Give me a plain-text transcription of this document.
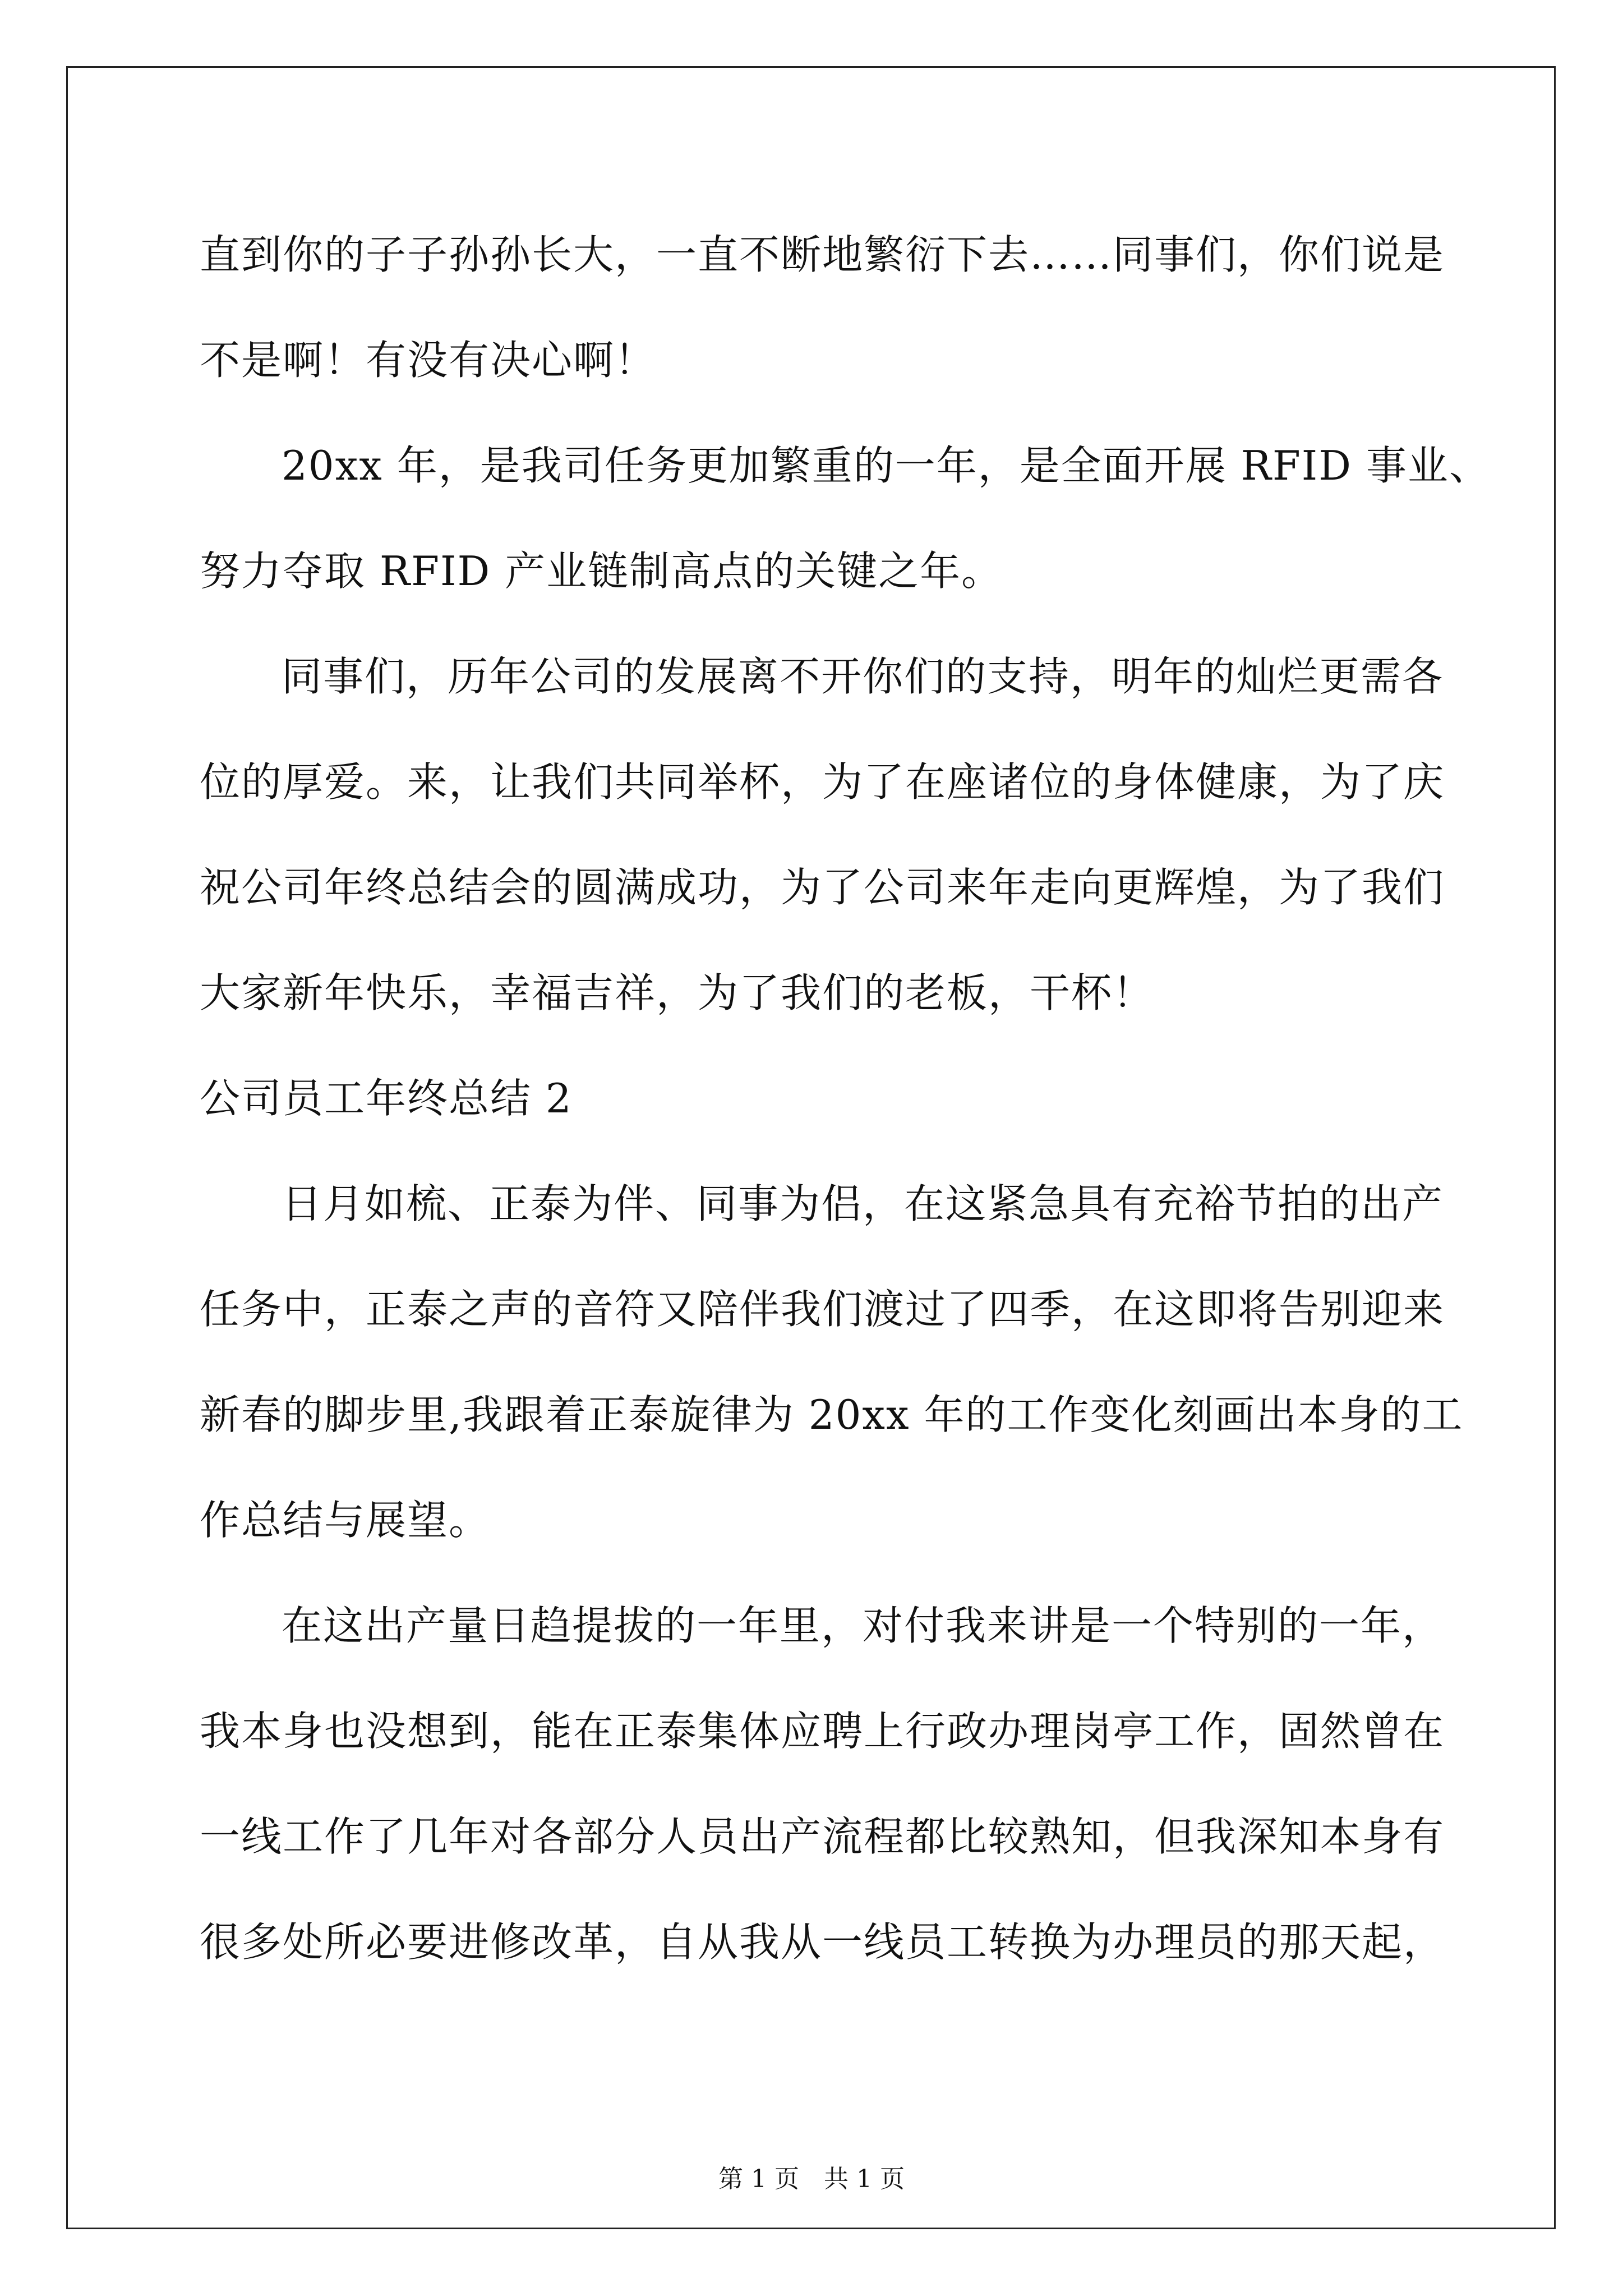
直到你的子子孙孙长大，一直不断地繁衍下去……同事们，你们说是
不是啊！有没有决心啊！
20xx 年，是我司任务更加繁重的一年，是全面开展 RFID 事业、
努力夺取 RFID 产业链制高点的关键之年。
同事们，历年公司的发展离不开你们的支持，明年的灿烂更需各
位的厚爱。来，让我们共同举杯，为了在座诸位的身体健康，为了庆
祝公司年终总结会的圆满成功，为了公司来年走向更辉煌，为了我们
大家新年快乐，幸福吉祥，为了我们的老板，干杯！
公司员工年终总结 2
日月如梳、正泰为伴、同事为侣，在这紧急具有充裕节拍的出产
任务中，正泰之声的音符又陪伴我们渡过了四季，在这即将告别迎来
新春的脚步里,我跟着正泰旋律为 20xx 年的工作变化刻画出本身的工
作总结与展望。
在这出产量日趋提拔的一年里，对付我来讲是一个特别的一年，
我本身也没想到，能在正泰集体应聘上行政办理岗亭工作，固然曾在
一线工作了几年对各部分人员出产流程都比较熟知，但我深知本身有
很多处所必要进修改革，自从我从一线员工转换为办理员的那天起，
第 1 页　共 1 页
